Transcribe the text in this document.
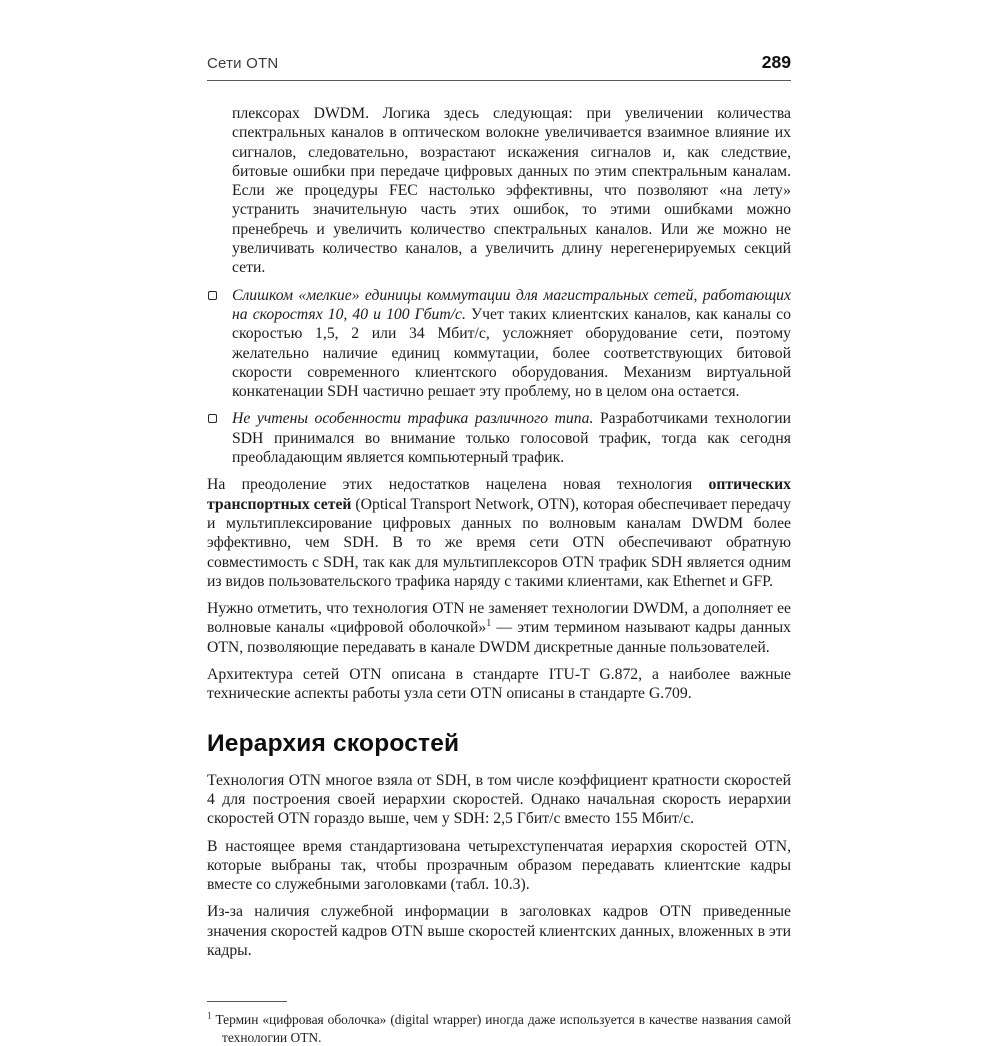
Сети OTN	289

плексорах DWDM. Логика здесь следующая: при увеличении количества спектральных каналов в оптическом волокне увеличивается взаимное влияние их сигналов, следовательно, возрастают искажения сигналов и, как следствие, битовые ошибки при передаче цифровых данных по этим спектральным каналам. Если же процедуры FEC настолько эффективны, что позволяют «на лету» устранить значительную часть этих ошибок, то этими ошибками можно пренебречь и увеличить количество спектральных каналов. Или же можно не увеличивать количество каналов, а увеличить длину нерегенерируемых секций сети.

Слишком «мелкие» единицы коммутации для магистральных сетей, работающих на скоростях 10, 40 и 100 Гбит/с. Учет таких клиентских каналов, как каналы со скоростью 1,5, 2 или 34 Мбит/с, усложняет оборудование сети, поэтому желательно наличие единиц коммутации, более соответствующих битовой скорости современного клиентского оборудования. Механизм виртуальной конкатенации SDH частично решает эту проблему, но в целом она остается.

Не учтены особенности трафика различного типа. Разработчиками технологии SDH принимался во внимание только голосовой трафик, тогда как сегодня преобладающим является компьютерный трафик.

На преодоление этих недостатков нацелена новая технология оптических транспортных сетей (Optical Transport Network, OTN), которая обеспечивает передачу и мультиплексирование цифровых данных по волновым каналам DWDM более эффективно, чем SDH. В то же время сети OTN обеспечивают обратную совместимость с SDH, так как для мультиплексоров OTN трафик SDH является одним из видов пользовательского трафика наряду с такими клиентами, как Ethernet и GFP.

Нужно отметить, что технология OTN не заменяет технологии DWDM, а дополняет ее волновые каналы «цифровой оболочкой»$^1$ — этим термином называют кадры данных OTN, позволяющие передавать в канале DWDM дискретные данные пользователей.

Архитектура сетей OTN описана в стандарте ITU-T G.872, а наиболее важные технические аспекты работы узла сети OTN описаны в стандарте G.709.

Иерархия скоростей

Технология OTN многое взяла от SDH, в том числе коэффициент кратности скоростей 4 для построения своей иерархии скоростей. Однако начальная скорость иерархии скоростей OTN гораздо выше, чем у SDH: 2,5 Гбит/с вместо 155 Мбит/с.

В настоящее время стандартизована четырехступенчатая иерархия скоростей OTN, которые выбраны так, чтобы прозрачным образом передавать клиентские кадры вместе со служебными заголовками (табл. 10.3).

Из-за наличия служебной информации в заголовках кадров OTN приведенные значения скоростей кадров OTN выше скоростей клиентских данных, вложенных в эти кадры.

$^1$ Термин «цифровая оболочка» (digital wrapper) иногда даже используется в качестве названия самой технологии OTN.
